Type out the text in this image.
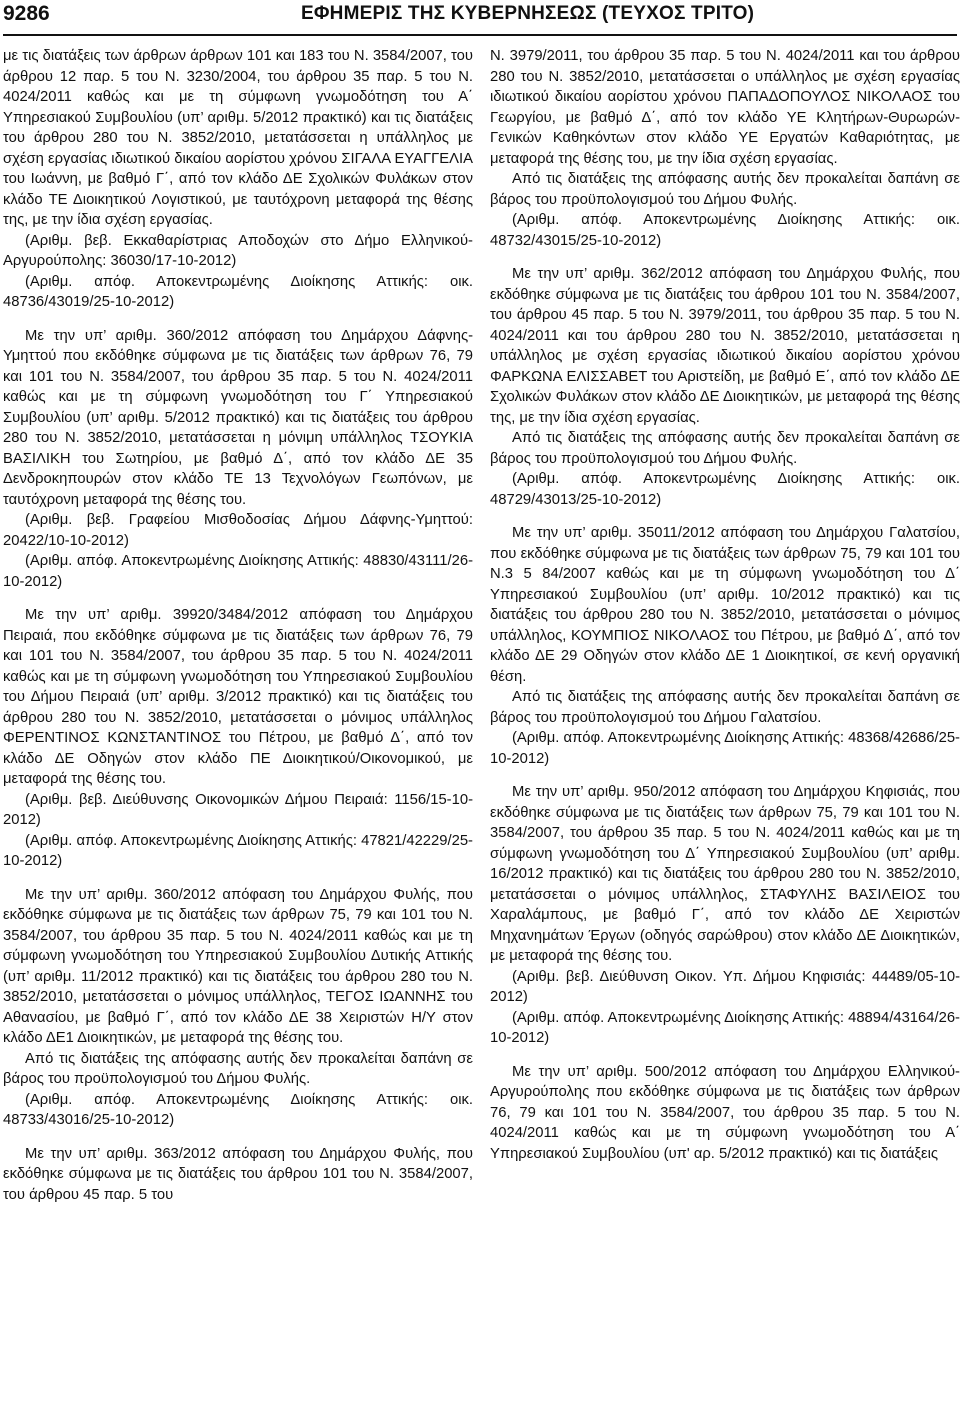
9286	ΕΦΗΜΕΡΙΣ ΤΗΣ ΚΥΒΕΡΝΗΣΕΩΣ (ΤΕΥΧΟΣ ΤΡΙΤΟ)

με τις διατάξεις των άρθρων άρθρων 101 και 183 του Ν. 3584/2007, του άρθρου 12 παρ. 5 του Ν. 3230/2004, του άρθρου 35 παρ. 5 του Ν. 4024/2011 καθώς και με τη σύμφωνη γνωμοδότηση του Α΄ Υπηρεσιακού Συμβουλίου (υπ’ αριθμ. 5/2012 πρακτικό) και τις διατάξεις του άρθρου 280 του Ν. 3852/2010, μετατάσσεται η υπάλληλος με σχέση εργασίας ιδιωτικού δικαίου αορίστου χρόνου ΣΙΓΑΛΑ ΕΥΑΓΓΕΛΙΑ του Ιωάννη, με βαθμό Γ΄, από τον κλάδο ΔΕ Σχολικών Φυλάκων στον κλάδο ΤΕ Διοικητικού Λογιστικού, με ταυτόχρονη μεταφορά της θέσης της, με την ίδια σχέση εργασίας.

(Αριθμ. βεβ. Εκκαθαρίστριας Αποδοχών στο Δήμο Ελληνικού-Αργυρούπολης: 36030/17-10-2012)

(Αριθμ. απόφ. Αποκεντρωμένης Διοίκησης Αττικής: οικ. 48736/43019/25-10-2012)

Με την υπ’ αριθμ. 360/2012 απόφαση του Δημάρχου Δάφνης-Υμηττού που εκδόθηκε σύμφωνα με τις διατάξεις των άρθρων 76, 79 και 101 του Ν. 3584/2007, του άρθρου 35 παρ. 5 του Ν. 4024/2011 καθώς και με τη σύμφωνη γνωμοδότηση του Γ΄ Υπηρεσιακού Συμβουλίου (υπ’ αριθμ. 5/2012 πρακτικό) και τις διατάξεις του άρθρου 280 του Ν. 3852/2010, μετατάσσεται η μόνιμη υπάλληλος ΤΣΟΥΚΙΑ ΒΑΣΙΛΙΚΗ του Σωτηρίου, με βαθμό Δ΄, από τον κλάδο ΔΕ 35 Δενδροκηπουρών στον κλάδο ΤΕ 13 Τεχνολόγων Γεωπόνων, με ταυτόχρονη μεταφορά της θέσης του.

(Αριθμ. βεβ. Γραφείου Μισθοδοσίας Δήμου Δάφνης-Υμηττού: 20422/10-10-2012)

(Αριθμ. απόφ. Αποκεντρωμένης Διοίκησης Αττικής: 48830/43111/26-10-2012)

Με την υπ’ αριθμ. 39920/3484/2012 απόφαση του Δημάρχου Πειραιά, που εκδόθηκε σύμφωνα με τις διατάξεις των άρθρων 76, 79 και 101 του Ν. 3584/2007, του άρθρου 35 παρ. 5 του Ν. 4024/2011 καθώς και με τη σύμφωνη γνωμοδότηση του Υπηρεσιακού Συμβουλίου του Δήμου Πειραιά (υπ’ αριθμ. 3/2012 πρακτικό) και τις διατάξεις του άρθρου 280 του Ν. 3852/2010, μετατάσσεται ο μόνιμος υπάλληλος ΦΕΡΕΝΤΙΝΟΣ ΚΩΝΣΤΑΝΤΙΝΟΣ του Πέτρου, με βαθμό Δ΄, από τον κλάδο ΔΕ Οδηγών στον κλάδο ΠΕ Διοικητικού/Οικονομικού, με μεταφορά της θέσης του.

(Αριθμ. βεβ. Διεύθυνσης Οικονομικών Δήμου Πειραιά: 1156/15-10-2012)

(Αριθμ. απόφ. Αποκεντρωμένης Διοίκησης Αττικής: 47821/42229/25-10-2012)

Με την υπ’ αριθμ. 360/2012 απόφαση του Δημάρχου Φυλής, που εκδόθηκε σύμφωνα με τις διατάξεις των άρθρων 75, 79 και 101 του Ν. 3584/2007, του άρθρου 35 παρ. 5 του Ν. 4024/2011 καθώς και με τη σύμφωνη γνωμοδότηση του Υπηρεσιακού Συμβουλίου Δυτικής Αττικής (υπ’ αριθμ. 11/2012 πρακτικό) και τις διατάξεις του άρθρου 280 του Ν. 3852/2010, μετατάσσεται ο μόνιμος υπάλληλος, ΤΕΓΟΣ ΙΩΑΝΝΗΣ του Αθανασίου, με βαθμό Γ΄, από τον κλάδο ΔΕ 38 Χειριστών Η/Υ στον κλάδο ΔΕ1 Διοικητικών, με μεταφορά της θέσης του.

Από τις διατάξεις της απόφασης αυτής δεν προκαλείται δαπάνη σε βάρος του προϋπολογισμού του Δήμου Φυλής.

(Αριθμ. απόφ. Αποκεντρωμένης Διοίκησης Αττικής: οικ. 48733/43016/25-10-2012)

Με την υπ’ αριθμ. 363/2012 απόφαση του Δημάρχου Φυλής, που εκδόθηκε σύμφωνα με τις διατάξεις του άρθρου 101 του Ν. 3584/2007, του άρθρου 45 παρ. 5 του

Ν. 3979/2011, του άρθρου 35 παρ. 5 του Ν. 4024/2011 και του άρθρου 280 του Ν. 3852/2010, μετατάσσεται ο υπάλληλος με σχέση εργασίας ιδιωτικού δικαίου αορίστου χρόνου ΠΑΠΑΔΟΠΟΥΛΟΣ ΝΙΚΟΛΑΟΣ του Γεωργίου, με βαθμό Δ΄, από τον κλάδο ΥΕ Κλητήρων-Θυρωρών-Γενικών Καθηκόντων στον κλάδο ΥΕ Εργατών Καθαριότητας, με μεταφορά της θέσης του, με την ίδια σχέση εργασίας.

Από τις διατάξεις της απόφασης αυτής δεν προκαλείται δαπάνη σε βάρος του προϋπολογισμού του Δήμου Φυλής.

(Αριθμ. απόφ. Αποκεντρωμένης Διοίκησης Αττικής: οικ. 48732/43015/25-10-2012)

Με την υπ’ αριθμ. 362/2012 απόφαση του Δημάρχου Φυλής, που εκδόθηκε σύμφωνα με τις διατάξεις του άρθρου 101 του Ν. 3584/2007, του άρθρου 45 παρ. 5 του Ν. 3979/2011, του άρθρου 35 παρ. 5 του Ν. 4024/2011 και του άρθρου 280 του Ν. 3852/2010, μετατάσσεται η υπάλληλος με σχέση εργασίας ιδιωτικού δικαίου αορίστου χρόνου ΦΑΡΚΩΝΑ ΕΛΙΣΣΑΒΕΤ του Αριστείδη, με βαθμό Ε΄, από τον κλάδο ΔΕ Σχολικών Φυλάκων στον κλάδο ΔΕ Διοικητικών, με μεταφορά της θέσης της, με την ίδια σχέση εργασίας.

Από τις διατάξεις της απόφασης αυτής δεν προκαλείται δαπάνη σε βάρος του προϋπολογισμού του Δήμου Φυλής.

(Αριθμ. απόφ. Αποκεντρωμένης Διοίκησης Αττικής: οικ. 48729/43013/25-10-2012)

Με την υπ’ αριθμ. 35011/2012 απόφαση του Δημάρχου Γαλατσίου, που εκδόθηκε σύμφωνα με τις διατάξεις των άρθρων 75, 79 και 101 του Ν.3 5 84/2007 καθώς και με τη σύμφωνη γνωμοδότηση του Δ΄ Υπηρεσιακού Συμβουλίου (υπ’ αριθμ. 10/2012 πρακτικό) και τις διατάξεις του άρθρου 280 του Ν. 3852/2010, μετατάσσεται ο μόνιμος υπάλληλος, ΚΟΥΜΠΙΟΣ ΝΙΚΟΛΑΟΣ του Πέτρου, με βαθμό Δ΄, από τον κλάδο ΔΕ 29 Οδηγών στον κλάδο ΔΕ 1 Διοικητικοί, σε κενή οργανική θέση.

Από τις διατάξεις της απόφασης αυτής δεν προκαλείται δαπάνη σε βάρος του προϋπολογισμού του Δήμου Γαλατσίου.

(Αριθμ. απόφ. Αποκεντρωμένης Διοίκησης Αττικής: 48368/42686/25-10-2012)

Με την υπ’ αριθμ. 950/2012 απόφαση του Δημάρχου Κηφισιάς, που εκδόθηκε σύμφωνα με τις διατάξεις των άρθρων 75, 79 και 101 του Ν. 3584/2007, του άρθρου 35 παρ. 5 του Ν. 4024/2011 καθώς και με τη σύμφωνη γνωμοδότηση του Δ΄ Υπηρεσιακού Συμβουλίου (υπ’ αριθμ. 16/2012 πρακτικό) και τις διατάξεις του άρθρου 280 του Ν. 3852/2010, μετατάσσεται ο μόνιμος υπάλληλος, ΣΤΑΦΥΛΗΣ ΒΑΣΙΛΕΙΟΣ του Χαραλάμπους, με βαθμό Γ΄, από τον κλάδο ΔΕ Χειριστών Μηχανημάτων Έργων (οδηγός σαρώθρου) στον κλάδο ΔΕ Διοικητικών, με μεταφορά της θέσης του.

(Αριθμ. βεβ. Διεύθυνση Οικον. Υπ. Δήμου Κηφισιάς: 44489/05-10-2012)

(Αριθμ. απόφ. Αποκεντρωμένης Διοίκησης Αττικής: 48894/43164/26-10-2012)

Με την υπ’ αριθμ. 500/2012 απόφαση του Δημάρχου Ελληνικού-Αργυρούπολης που εκδόθηκε σύμφωνα με τις διατάξεις των άρθρων 76, 79 και 101 του Ν. 3584/2007, του άρθρου 35 παρ. 5 του Ν. 4024/2011 καθώς και με τη σύμφωνη γνωμοδότηση του Α΄ Υπηρεσιακού Συμβουλίου (υπ' αρ. 5/2012 πρακτικό) και τις διατάξεις
